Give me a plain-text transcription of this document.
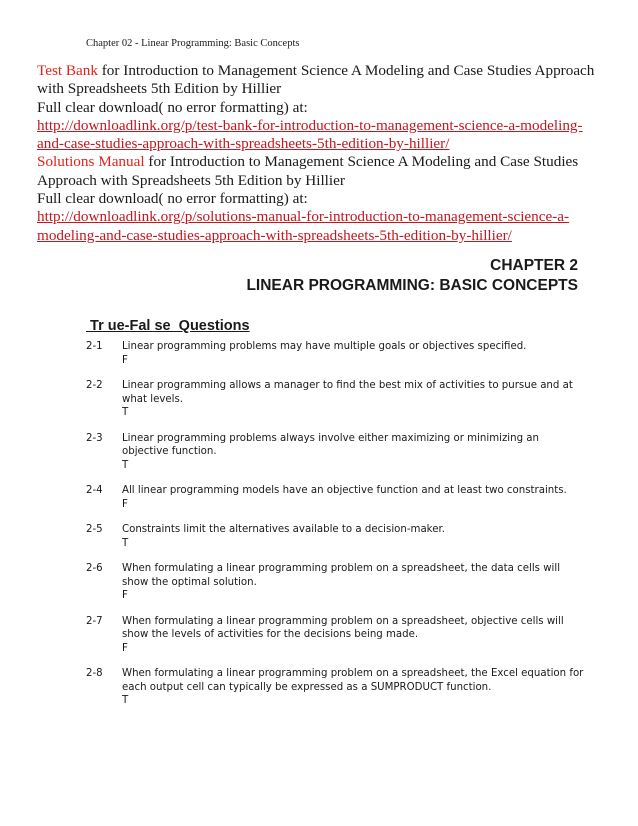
Chapter 02 - Linear Programming: Basic Concepts
Test Bank for Introduction to Management Science A Modeling and Case Studies Approach with Spreadsheets 5th Edition by Hillier
Full clear download( no error formatting) at:
http://downloadlink.org/p/test-bank-for-introduction-to-management-science-a-modeling-and-case-studies-approach-with-spreadsheets-5th-edition-by-hillier/
Solutions Manual for Introduction to Management Science A Modeling and Case Studies Approach with Spreadsheets 5th Edition by Hillier
Full clear download( no error formatting) at:
http://downloadlink.org/p/solutions-manual-for-introduction-to-management-science-a-modeling-and-case-studies-approach-with-spreadsheets-5th-edition-by-hillier/
CHAPTER 2
LINEAR PROGRAMMING: BASIC CONCEPTS
Tr ue-Fal se  Questions
2-1	Linear programming problems may have multiple goals or objectives specified.
F
2-2	Linear programming allows a manager to find the best mix of activities to pursue and at what levels.
T
2-3	Linear programming problems always involve either maximizing or minimizing an objective function.
T
2-4	All linear programming models have an objective function and at least two constraints.
F
2-5	Constraints limit the alternatives available to a decision-maker.
T
2-6	When formulating a linear programming problem on a spreadsheet, the data cells will show the optimal solution.
F
2-7	When formulating a linear programming problem on a spreadsheet, objective cells will show the levels of activities for the decisions being made.
F
2-8	When formulating a linear programming problem on a spreadsheet, the Excel equation for each output cell can typically be expressed as a SUMPRODUCT function.
T
